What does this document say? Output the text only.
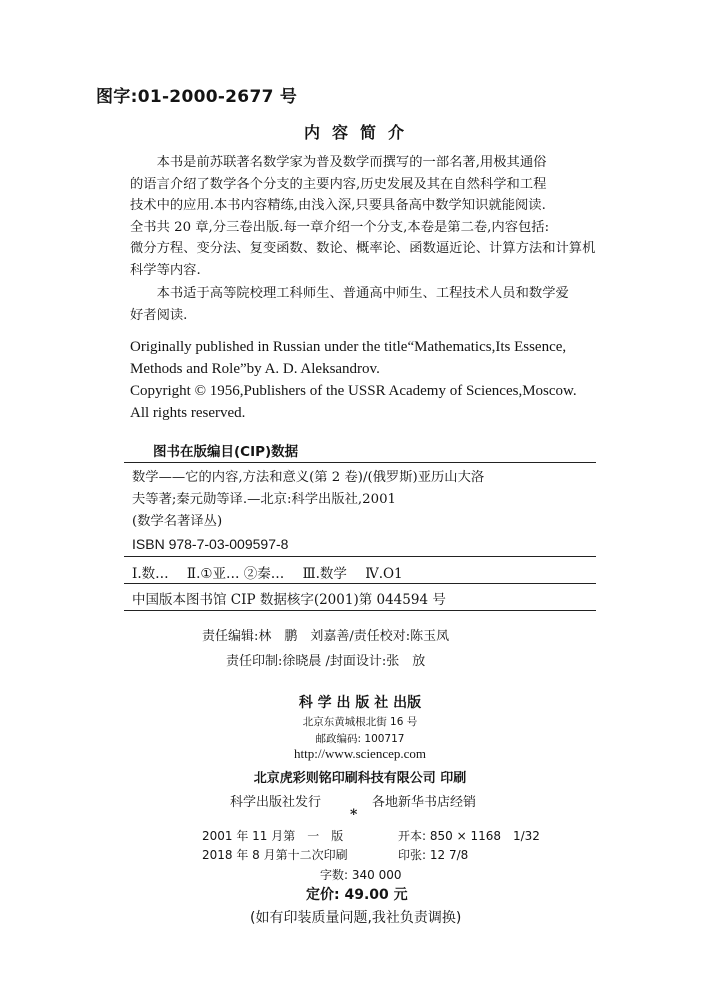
图字:01-2000-2677 号
内容简介
本书是前苏联著名数学家为普及数学而撰写的一部名著,用极其通俗
的语言介绍了数学各个分支的主要内容,历史发展及其在自然科学和工程
技术中的应用.本书内容精练,由浅入深,只要具备高中数学知识就能阅读.
全书共 20 章,分三卷出版.每一章介绍一个分支,本卷是第二卷,内容包括:
微分方程、变分法、复变函数、数论、概率论、函数逼近论、计算方法和计算机
科学等内容.
本书适于高等院校理工科师生、普通高中师生、工程技术人员和数学爱
好者阅读.
Originally published in Russian under the title“Mathematics,Its Essence,
Methods and Role”by A. D. Aleksandrov.
Copyright © 1956,Publishers of the USSR Academy of Sciences,Moscow.
All rights reserved.
图书在版编目(CIP)数据
数学——它的内容,方法和意义(第 2 卷)/(俄罗斯)亚历山大洛
夫等著;秦元勋等译.—北京:科学出版社,2001
(数学名著译丛)
ISBN 978-7-03-009597-8
Ⅰ.数… Ⅱ.①亚… ②秦… Ⅲ.数学 Ⅳ.O1
中国版本图书馆 CIP 数据核字(2001)第 044594 号
责任编辑:林　鹏　刘嘉善/责任校对:陈玉凤
责任印制:徐晓晨 /封面设计:张　放
科 学 出 版 社 出版
北京东黄城根北街 16 号
邮政编码: 100717
http://www.sciencep.com
北京虎彩则铭印刷科技有限公司 印刷
科学出版社发行	各地新华书店经销
*
2001 年 11 月第　一　版	开本: 850 × 1168　1/32
2018 年 8 月第十二次印刷	印张: 12 7/8
字数: 340 000
定价: 49.00 元
(如有印装质量问题,我社负责调换)
